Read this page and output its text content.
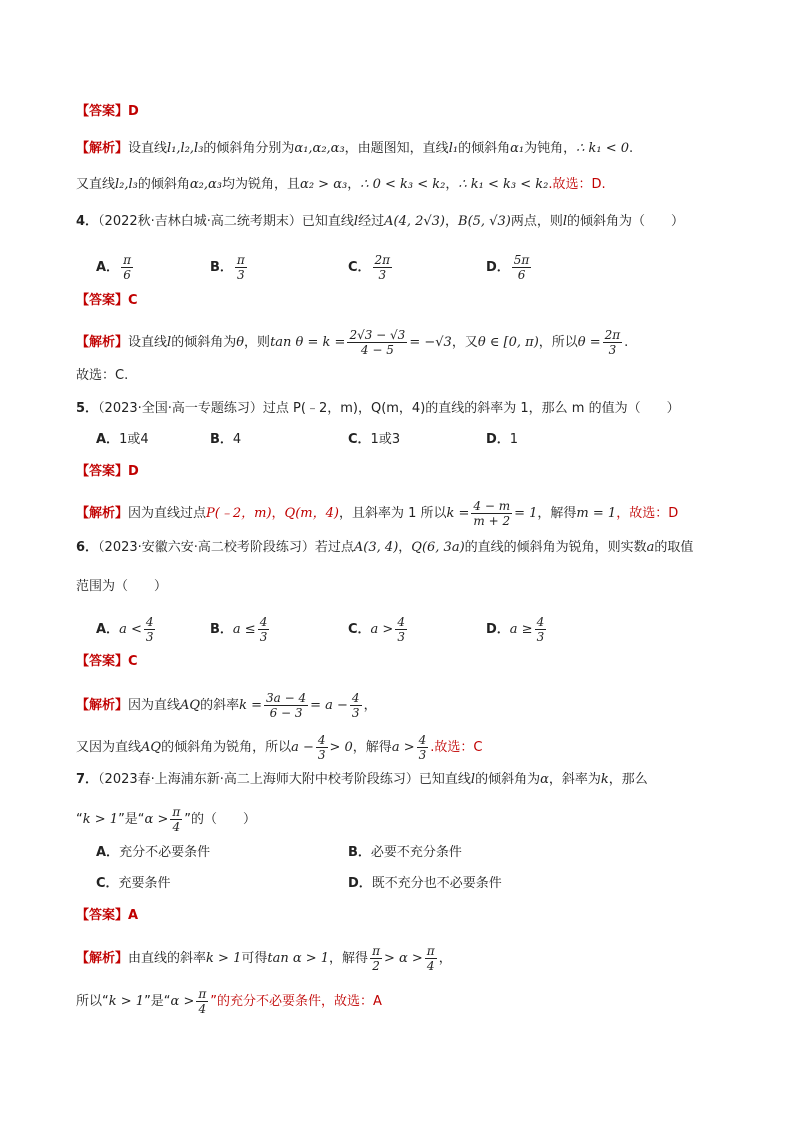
【答案】D
【解析】设直线l₁,l₂,l₃的倾斜角分别为α₁,α₂,α₃，由题图知，直线l₁的倾斜角α₁为钝角，∴ k₁ < 0.
又直线l₂,l₃的倾斜角α₂,α₃均为锐角，且α₂ > α₃，∴ 0 < k₃ < k₂，∴ k₁ < k₃ < k₂.故选：D.
4．（2022秋·吉林白城·高二统考期末）已知直线l经过A(4, 2√3)，B(5, √3)两点，则l的倾斜角为（　　）
A． $\frac{\pi}{6}$	B． $\frac{\pi}{3}$	C． $\frac{2\pi}{3}$	D． $\frac{5\pi}{6}$
【答案】C
【解析】设直线l的倾斜角为θ，则$\tan \theta = k = \frac{2√3 - √3}{4 - 5} = -√3$，又θ ∈ [0, π)，所以$\theta = \frac{2\pi}{3}$ .
故选：C.
5．（2023·全国·高一专题练习）过点 P(﹣2，m)，Q(m，4)的直线的斜率为 1，那么 m 的值为（　　）
A．1或4	B．4	C．1或3	D．1
【答案】D
【解析】因为直线过点P(﹣2，m)，Q(m，4)，且斜率为 1 所以$k = \frac{4 - m}{m + 2} = 1$，解得m = 1，故选：D
6．（2023·安徽六安·高二校考阶段练习）若过点A(3, 4)，Q(6, 3a)的直线的倾斜角为锐角，则实数a的取值
范围为（　　）
A．$a < \frac{4}{3}$	B．$a \le \frac{4}{3}$	C．$a > \frac{4}{3}$	D．$a \ge \frac{4}{3}$
【答案】C
【解析】因为直线AQ的斜率$k = \frac{3a - 4}{6 - 3} = a - \frac{4}{3}$ ，
又因为直线AQ的倾斜角为锐角，所以$a - \frac{4}{3} > 0$，解得$a > \frac{4}{3}$ .故选：C
7．（2023春·上海浦东新·高二上海师大附中校考阶段练习）已知直线l的倾斜角为α，斜率为k，那么
“k > 1”是“$\alpha > \frac{\pi}{4}$ ”的（　　）
A．充分不必要条件	B．必要不充分条件
C．充要条件	D．既不充分也不必要条件
【答案】A
【解析】由直线的斜率k > 1可得tan α > 1，解得 $\frac{\pi}{2} > \alpha > \frac{\pi}{4}$ ，
所以“k > 1”是“$\alpha > \frac{\pi}{4}$ ”的充分不必要条件，故选：A
